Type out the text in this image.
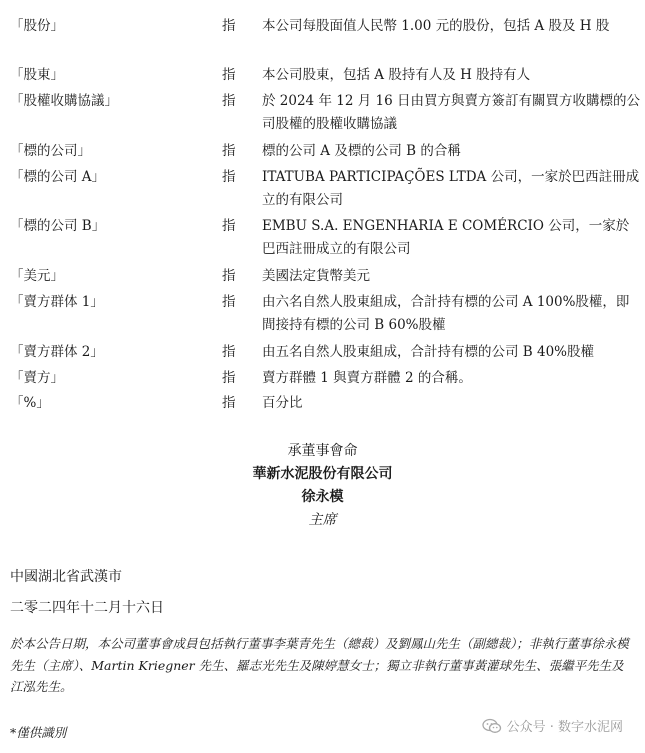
「股份」	指 本公司每股面值人民幣 1.00 元的股份，包括 A 股及 H 股
「股東」	指 本公司股東，包括 A 股持有人及 H 股持有人
「股權收購協議」	指 於 2024 年 12 月 16 日由買方與賣方簽訂有關買方收購標的公司股權的股權收購協議
「標的公司」	指 標的公司 A 及標的公司 B 的合稱
「標的公司 A」	指 ITATUBA PARTICIPAÇÕES LTDA 公司，一家於巴西註冊成立的有限公司
「標的公司 B」	指 EMBU S.A. ENGENHARIA E COMÉRCIO 公司，一家於巴西註冊成立的有限公司
「美元」	指 美國法定貨幣美元
「賣方群体 1」	指 由六名自然人股東組成，合計持有標的公司 A 100%股權，即間接持有標的公司 B 60%股權
「賣方群体 2」	指 由五名自然人股東組成，合計持有標的公司 B 40%股權
「賣方」	指 賣方群體 1 與賣方群體 2 的合稱。
「%」	指 百分比
承董事會命
華新水泥股份有限公司
徐永模
主席
中國湖北省武漢市
二零二四年十二月十六日
於本公告日期，本公司董事會成員包括執行董事李葉青先生（總裁）及劉鳳山先生（副總裁）；非執行董事徐永模先生（主席）、Martin Kriegner 先生、羅志光先生及陳婷慧女士；獨立非執行董事黃灌球先生、張繼平先生及江泓先生。
*僅供識別	公众号 · 数字水泥网
